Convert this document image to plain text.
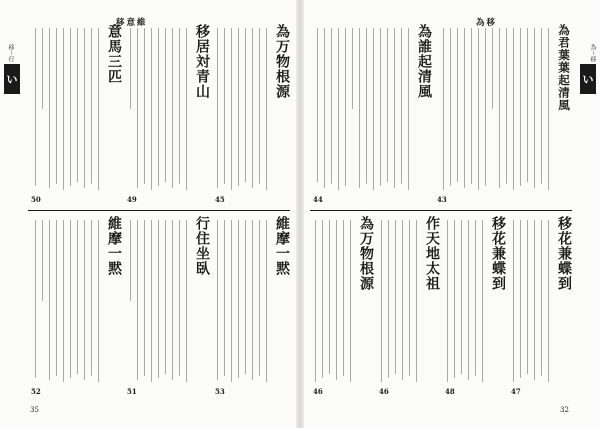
移意維
移〜行
い	意馬三匹
50
移居対青山
49
為万物根源
45
維摩一黙
52
行住坐臥
51
維摩一黙
53
35
為移
為〜移
い
為誰起清風
44
為君葉葉起清風
43
為万物根源
46
作天地太祖
46
移花兼蝶到
48
移花兼蝶到
47
32
